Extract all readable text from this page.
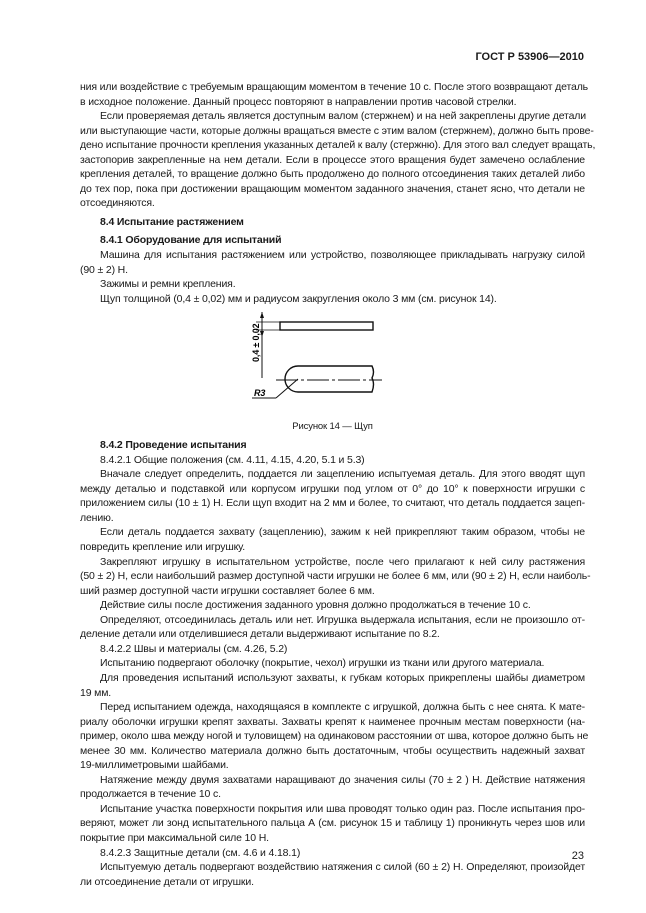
ГОСТ Р 53906—2010
ния или воздействие с требуемым вращающим моментом в течение 10 с. После этого возвращают деталь
в исходное положение. Данный процесс повторяют в направлении против часовой стрелки.
Если проверяемая деталь является доступным валом (стержнем) и на ней закреплены другие детали
или выступающие части, которые должны вращаться вместе с этим валом (стержнем), должно быть прове-
дено испытание прочности крепления указанных деталей к валу (стержню). Для этого вал следует вращать,
застопорив закрепленные на нем детали. Если в процессе этого вращения будет замечено ослабление
крепления деталей, то вращение должно быть продолжено до полного отсоединения таких деталей либо
до тех пор, пока при достижении вращающим моментом заданного значения, станет ясно, что детали не
отсоединяются.
8.4 Испытание растяжением
8.4.1 Оборудование для испытаний
Машина для испытания растяжением или устройство, позволяющее прикладывать нагрузку силой
(90 ± 2) Н.
Зажимы и ремни крепления.
Щуп толщиной (0,4 ± 0,02) мм и радиусом закругления около 3 мм (см. рисунок 14).
0,4 ± 0,02
R3
Рисунок 14 — Щуп
8.4.2 Проведение испытания
8.4.2.1 Общие положения (см. 4.11, 4.15, 4.20, 5.1 и 5.3)
Вначале следует определить, поддается ли зацеплению испытуемая деталь. Для этого вводят щуп
между деталью и подставкой или корпусом игрушки под углом от 0° до 10° к поверхности игрушки с
приложением силы (10 ± 1) Н. Если щуп входит на 2 мм и более, то считают, что деталь поддается зацеп-
лению.
Если деталь поддается захвату (зацеплению), зажим к ней прикрепляют таким образом, чтобы не
повредить крепление или игрушку.
Закрепляют игрушку в испытательном устройстве, после чего прилагают к ней силу растяжения
(50 ± 2) Н, если наибольший размер доступной части игрушки не более 6 мм, или (90 ± 2) Н, если наиболь-
ший размер доступной части игрушки составляет более 6 мм.
Действие силы после достижения заданного уровня должно продолжаться в течение 10 с.
Определяют, отсоединилась деталь или нет. Игрушка выдержала испытания, если не произошло от-
деление детали или отделившиеся детали выдерживают испытание по 8.2.
8.4.2.2 Швы и материалы (см. 4.26, 5.2)
Испытанию подвергают оболочку (покрытие, чехол) игрушки из ткани или другого материала.
Для проведения испытаний используют захваты, к губкам которых прикреплены шайбы диаметром
19 мм.
Перед испытанием одежда, находящаяся в комплекте с игрушкой, должна быть с нее снята. К мате-
риалу оболочки игрушки крепят захваты. Захваты крепят к наименее прочным местам поверхности (на-
пример, около шва между ногой и туловищем) на одинаковом расстоянии от шва, которое должно быть не
менее 30 мм. Количество материала должно быть достаточным, чтобы осуществить надежный захват
19-миллиметровыми шайбами.
Натяжение между двумя захватами наращивают до значения силы (70 ± 2 ) Н. Действие натяжения
продолжается в течение 10 с.
Испытание участка поверхности покрытия или шва проводят только один раз. После испытания про-
веряют, может ли зонд испытательного пальца А (см. рисунок 15 и таблицу 1) проникнуть через шов или
покрытие при максимальной силе 10 Н.
8.4.2.3 Защитные детали (см. 4.6 и 4.18.1)
Испытуемую деталь подвергают воздействию натяжения с силой (60 ± 2) Н. Определяют, произойдет
ли отсоединение детали от игрушки.
23
